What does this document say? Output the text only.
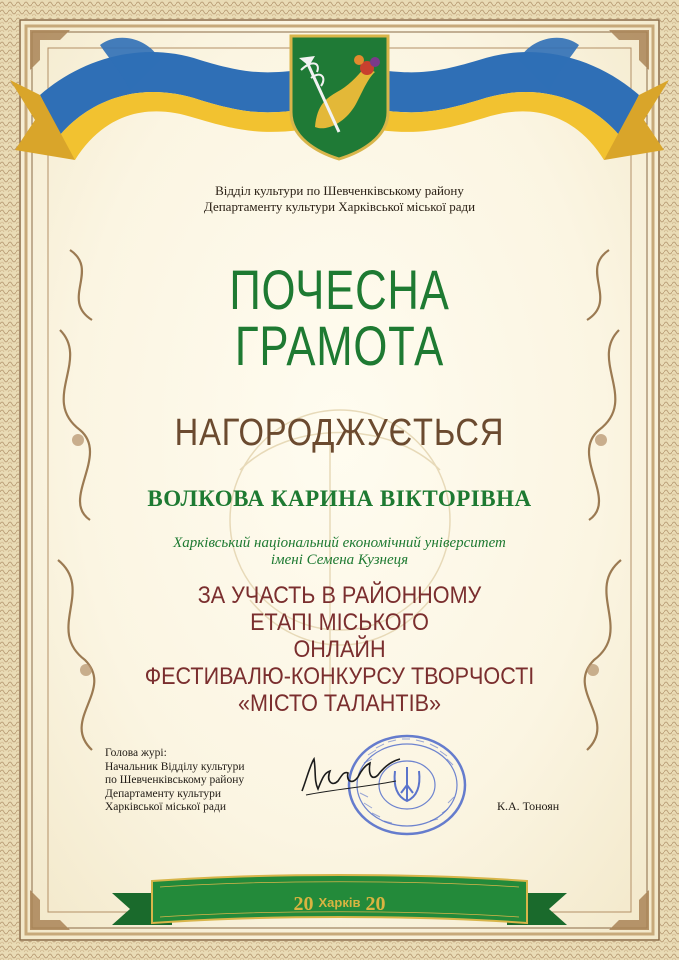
Відділ культури по Шевченківському району
Департаменту культури Харківської міської ради
ПОЧЕСНА
ГРАМОТА
НАГОРОДЖУЄТЬСЯ
ВОЛКОВА КАРИНА ВІКТОРІВНА
Харківський національний економічний університет
імені Семена Кузнеця
ЗА УЧАСТЬ В РАЙОННОМУ
ЕТАПІ МІСЬКОГО
ОНЛАЙН
ФЕСТИВАЛЮ-КОНКУРСУ ТВОРЧОСТІ
«МІСТО ТАЛАНТІВ»
Голова журі:
Начальник Відділу культури
по Шевченківському району
Департаменту культури
Харківської міської ради	К.А. Тоноян
20 Харків 20
